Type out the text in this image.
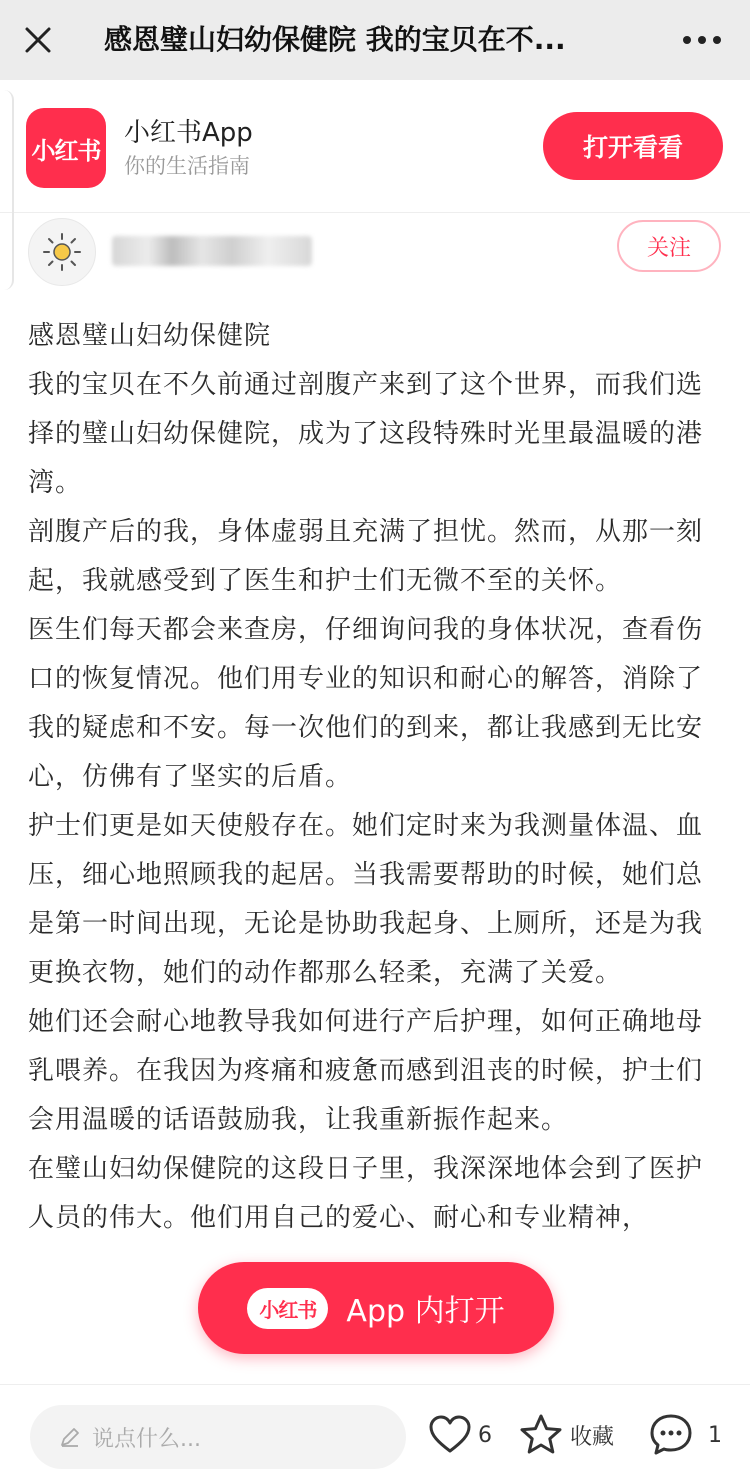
感恩璧山妇幼保健院 我的宝贝在不...
小红书
小红书App
你的生活指南
打开看看
关注

感恩璧山妇幼保健院

我的宝贝在不久前通过剖腹产来到了这个世界，而我们选择的璧山妇幼保健院，成为了这段特殊时光里最温暖的港湾。

剖腹产后的我，身体虚弱且充满了担忧。然而，从那一刻起，我就感受到了医生和护士们无微不至的关怀。

医生们每天都会来查房，仔细询问我的身体状况，查看伤口的恢复情况。他们用专业的知识和耐心的解答，消除了我的疑虑和不安。每一次他们的到来，都让我感到无比安心，仿佛有了坚实的后盾。

护士们更是如天使般存在。她们定时来为我测量体温、血压，细心地照顾我的起居。当我需要帮助的时候，她们总是第一时间出现，无论是协助我起身、上厕所，还是为我更换衣物，她们的动作都那么轻柔，充满了关爱。

她们还会耐心地教导我如何进行产后护理，如何正确地母乳喂养。在我因为疼痛和疲惫而感到沮丧的时候，护士们会用温暖的话语鼓励我，让我重新振作起来。

在璧山妇幼保健院的这段日子里，我深深地体会到了医护人员的伟大。他们用自己的爱心、耐心和专业精神，

小红书	App 内打开
说点什么...	6	收藏	1
